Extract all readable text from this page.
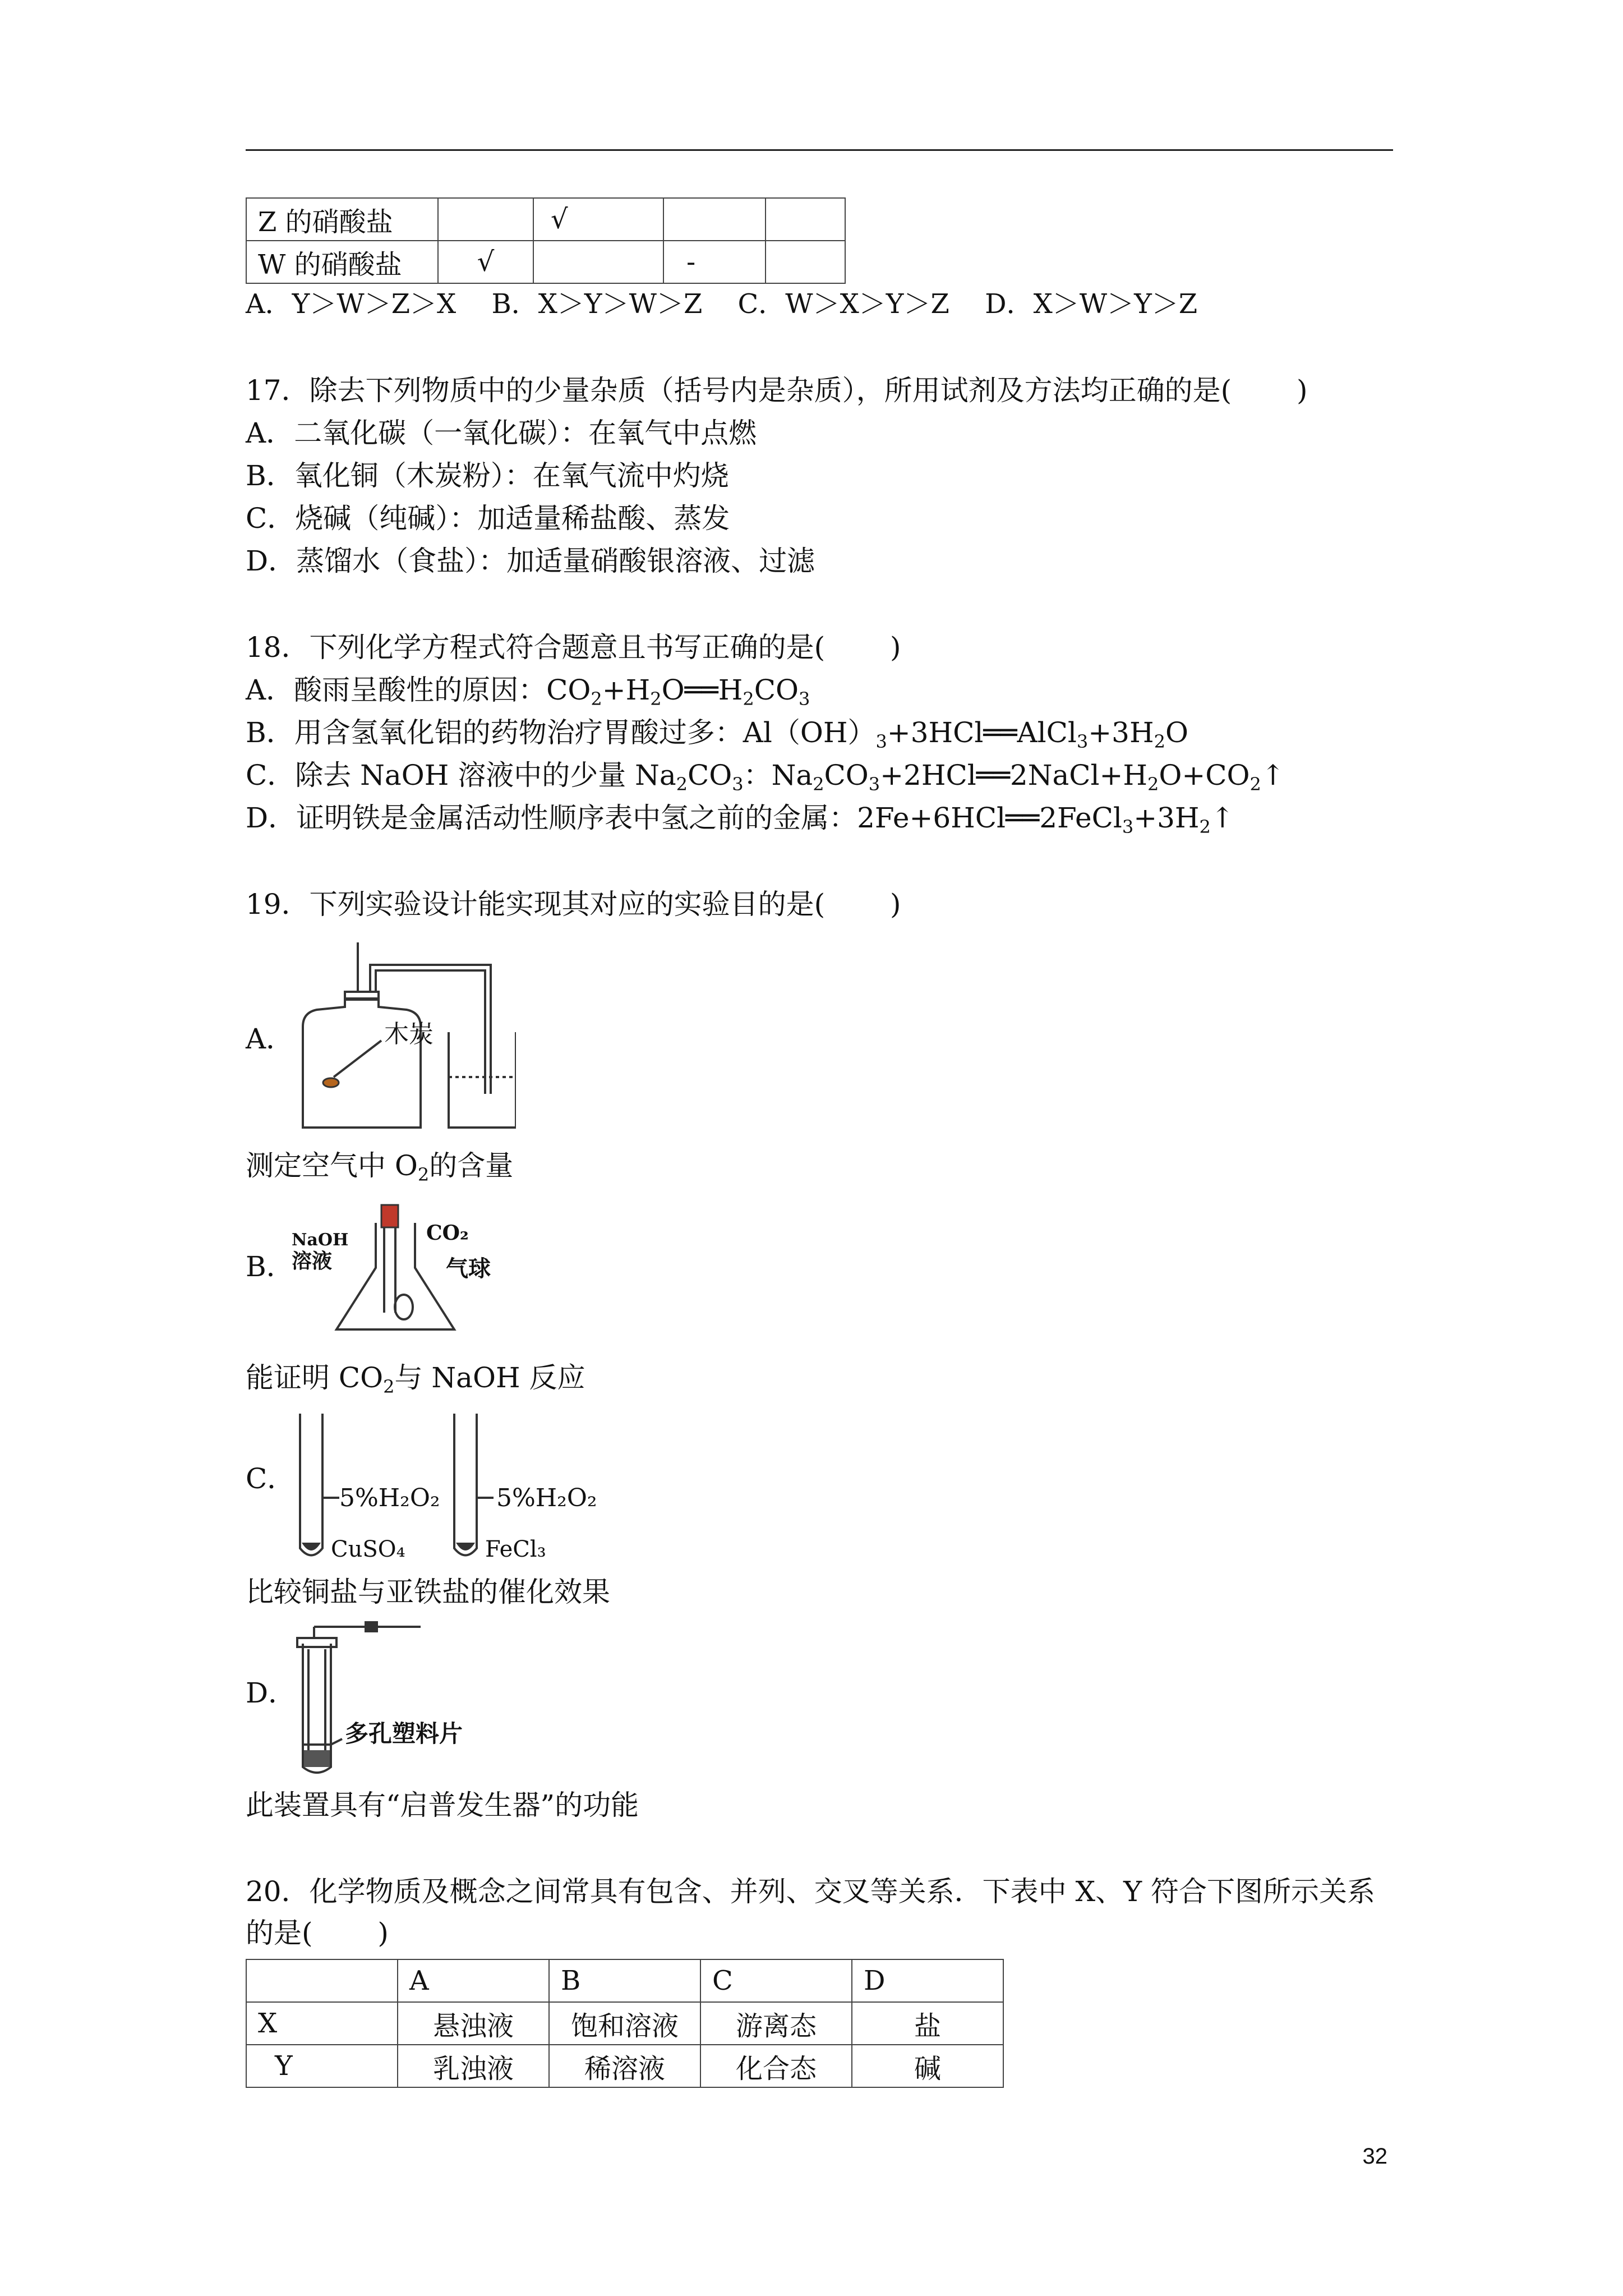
Z 的硝酸盐		√		
W 的硝酸盐	√		-	
A．Y＞W＞Z＞X　 B．X＞Y＞W＞Z　 C．W＞X＞Y＞Z　 D．X＞W＞Y＞Z
17．除去下列物质中的少量杂质（括号内是杂质），所用试剂及方法均正确的是(　　 )
A．二氧化碳（一氧化碳）：在氧气中点燃
B．氧化铜（木炭粉）：在氧气流中灼烧
C．烧碱（纯碱）：加适量稀盐酸、蒸发
D．蒸馏水（食盐）：加适量硝酸银溶液、过滤
18．下列化学方程式符合题意且书写正确的是(　　 )
A．酸雨呈酸性的原因：$CO_2+H_2O══H_2CO_3$
B．用含氢氧化铝的药物治疗胃酸过多：$Al(OH)_3+3HCl══AlCl_3+3H_2O$
C．除去 NaOH 溶液中的少量 $Na_2CO_3$：$Na_2CO_3+2HCl══2NaCl+H_2O+CO_2↑$
D．证明铁是金属活动性顺序表中氢之前的金属：$2Fe+6HCl══2FeCl_3+3H_2↑$
19．下列实验设计能实现其对应的实验目的是(　　 )
A．	木炭
测定空气中 $O_2$的含量
B．
NaOH
溶液
CO₂
气球
能证明 $CO_2$与 NaOH 反应
C．
5%H₂O₂ 5%H₂O₂
CuSO₄	FeCl₃
比较铜盐与亚铁盐的催化效果
D．
多孔塑料片
此装置具有“启普发生器”的功能
20．化学物质及概念之间常具有包含、并列、交叉等关系．下表中 X、Y 符合下图所示关系
的是(　　 )
	A	B	C	D
X	悬浊液	饱和溶液	游离态	盐
Y	乳浊液	稀溶液	化合态	碱
32
